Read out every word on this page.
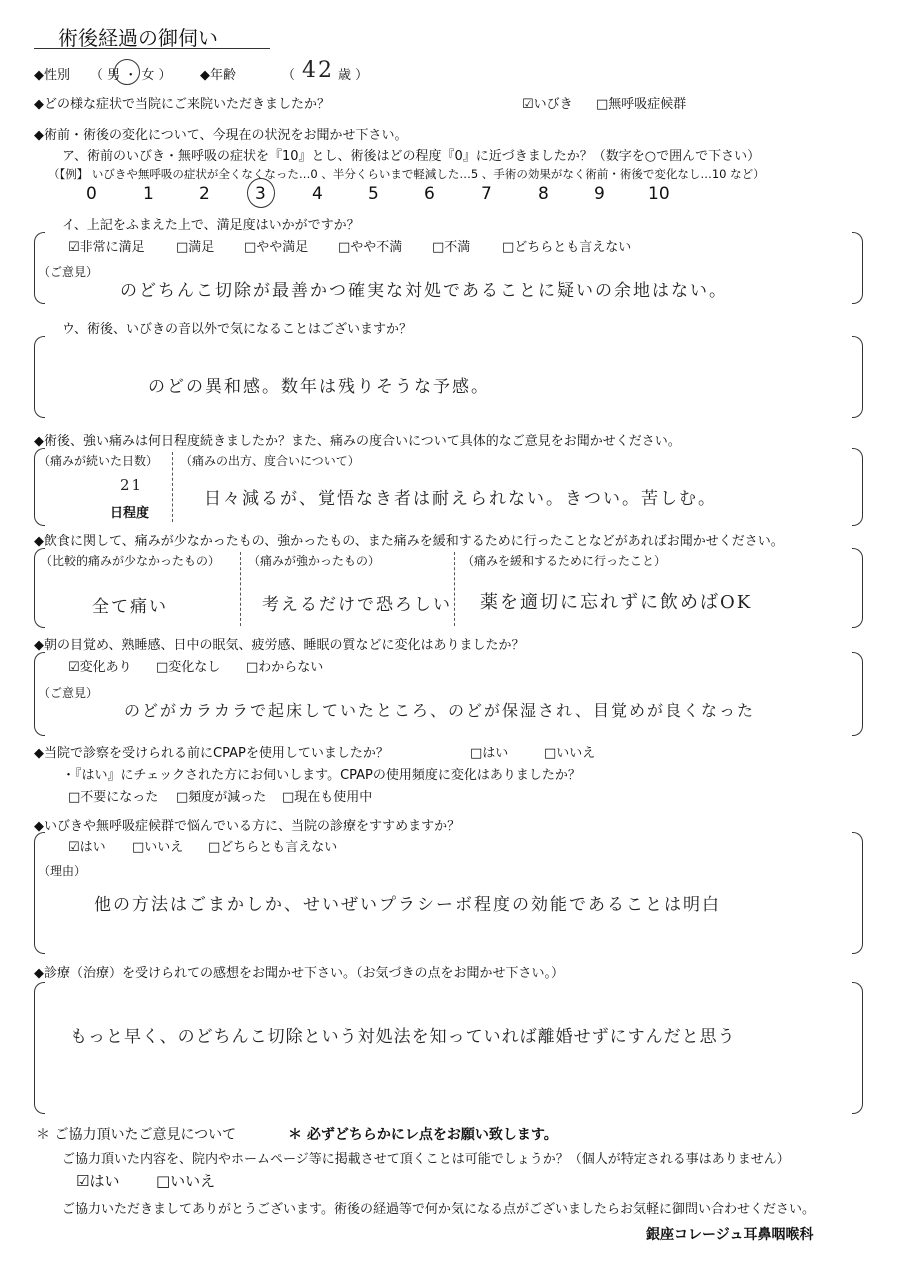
術後経過の御伺い
◆性別 （ 男 ・ 女 ） ◆年齢	（ 42 歳 ）
◆どの様な症状で当院にご来院いただきましたか？	☑いびき □無呼吸症候群
◆術前・術後の変化について、今現在の状況をお聞かせ下さい。
ア、術前のいびき・無呼吸の症状を『10』とし、術後はどの程度『0』に近づきましたか？（数字を○で囲んで下さい）
（【例】 いびきや無呼吸の症状が全くなくなった…0 、半分くらいまで軽減した…5 、手術の効果がなく術前・術後で変化なし…10 など）
0	1	2	3	4	5	6	7	8	9	10
イ、上記をふまえた上で、満足度はいかがですか？
☑非常に満足 □満足 □やや満足 □やや不満 □不満 □どちらとも言えない
（ご意見）
のどちんこ切除が最善かつ確実な対処であることに疑いの余地はない。
ウ、術後、いびきの音以外で気になることはございますか？
のどの異和感。数年は残りそうな予感。
◆術後、強い痛みは何日程度続きましたか？また、痛みの度合いについて具体的なご意見をお聞かせください。
（痛みが続いた日数）
21
日程度
（痛みの出方、度合いについて）
日々減るが、覚悟なき者は耐えられない。きつい。苦しむ。
◆飲食に関して、痛みが少なかったもの、強かったもの、また痛みを緩和するために行ったことなどがあればお聞かせください。
（比較的痛みが少なかったもの）
全て痛い
（痛みが強かったもの）
考えるだけで恐ろしい
（痛みを緩和するために行ったこと）
薬を適切に忘れずに飲めばOK
◆朝の目覚め、熟睡感、日中の眠気、疲労感、睡眠の質などに変化はありましたか？
☑変化あり □変化なし □わからない
（ご意見）
のどがカラカラで起床していたところ、のどが保湿され、目覚めが良くなった
◆当院で診察を受けられる前にCPAPを使用していましたか？	□はい	□いいえ
・『はい』にチェックされた方にお伺いします。CPAPの使用頻度に変化はありましたか？
□不要になった □頻度が減った □現在も使用中
◆いびきや無呼吸症候群で悩んでいる方に、当院の診療をすすめますか？
☑はい □いいえ □どちらとも言えない
（理由）
他の方法はごまかしか、せいぜいプラシーボ程度の効能であることは明白
◆診療（治療）を受けられての感想をお聞かせ下さい。（お気づきの点をお聞かせ下さい。）
もっと早く、のどちんこ切除という対処法を知っていれば離婚せずにすんだと思う
＊ ご協力頂いたご意見について	＊ 必ずどちらかにレ点をお願い致します。
ご協力頂いた内容を、院内やホームページ等に掲載させて頂くことは可能でしょうか？（個人が特定される事はありません）
☑はい □いいえ
ご協力いただきましてありがとうございます。術後の経過等で何か気になる点がございましたらお気軽に御問い合わせください。
銀座コレージュ耳鼻咽喉科
